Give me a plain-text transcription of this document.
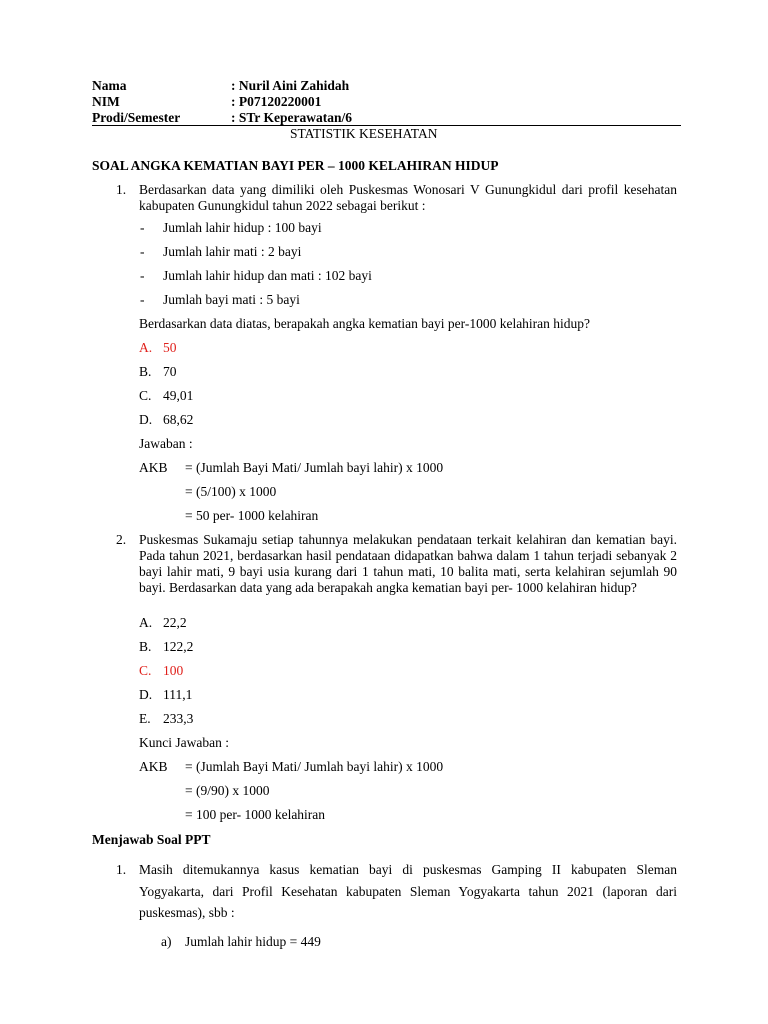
Nama	: Nuril Aini Zahidah
NIM	: P07120220001
Prodi/Semester	: STr Keperawatan/6
STATISTIK KESEHATAN
SOAL ANGKA KEMATIAN BAYI PER – 1000 KELAHIRAN HIDUP
1. Berdasarkan data yang dimiliki oleh Puskesmas Wonosari V Gunungkidul dari profil kesehatan kabupaten Gunungkidul tahun 2022 sebagai berikut :
- Jumlah lahir hidup : 100 bayi
- Jumlah lahir mati : 2 bayi
- Jumlah lahir hidup dan mati : 102 bayi
- Jumlah bayi mati : 5 bayi
Berdasarkan data diatas, berapakah angka kematian bayi per-1000 kelahiran hidup?
A. 50
B. 70
C. 49,01
D. 68,62
Jawaban :
AKB = (Jumlah Bayi Mati/ Jumlah bayi lahir) x 1000
= (5/100) x 1000
= 50 per- 1000 kelahiran
2. Puskesmas Sukamaju setiap tahunnya melakukan pendataan terkait kelahiran dan kematian bayi. Pada tahun 2021, berdasarkan hasil pendataan didapatkan bahwa dalam 1 tahun terjadi sebanyak 2 bayi lahir mati, 9 bayi usia kurang dari 1 tahun mati, 10 balita mati, serta kelahiran sejumlah 90 bayi. Berdasarkan data yang ada berapakah angka kematian bayi per- 1000 kelahiran hidup?
A. 22,2
B. 122,2
C. 100
D. 111,1
E. 233,3
Kunci Jawaban :
AKB = (Jumlah Bayi Mati/ Jumlah bayi lahir) x 1000
= (9/90) x 1000
= 100 per- 1000 kelahiran
Menjawab Soal PPT
1. Masih ditemukannya kasus kematian bayi di puskesmas Gamping II kabupaten Sleman Yogyakarta, dari Profil Kesehatan kabupaten Sleman Yogyakarta tahun 2021 (laporan dari puskesmas), sbb :
a) Jumlah lahir hidup = 449
